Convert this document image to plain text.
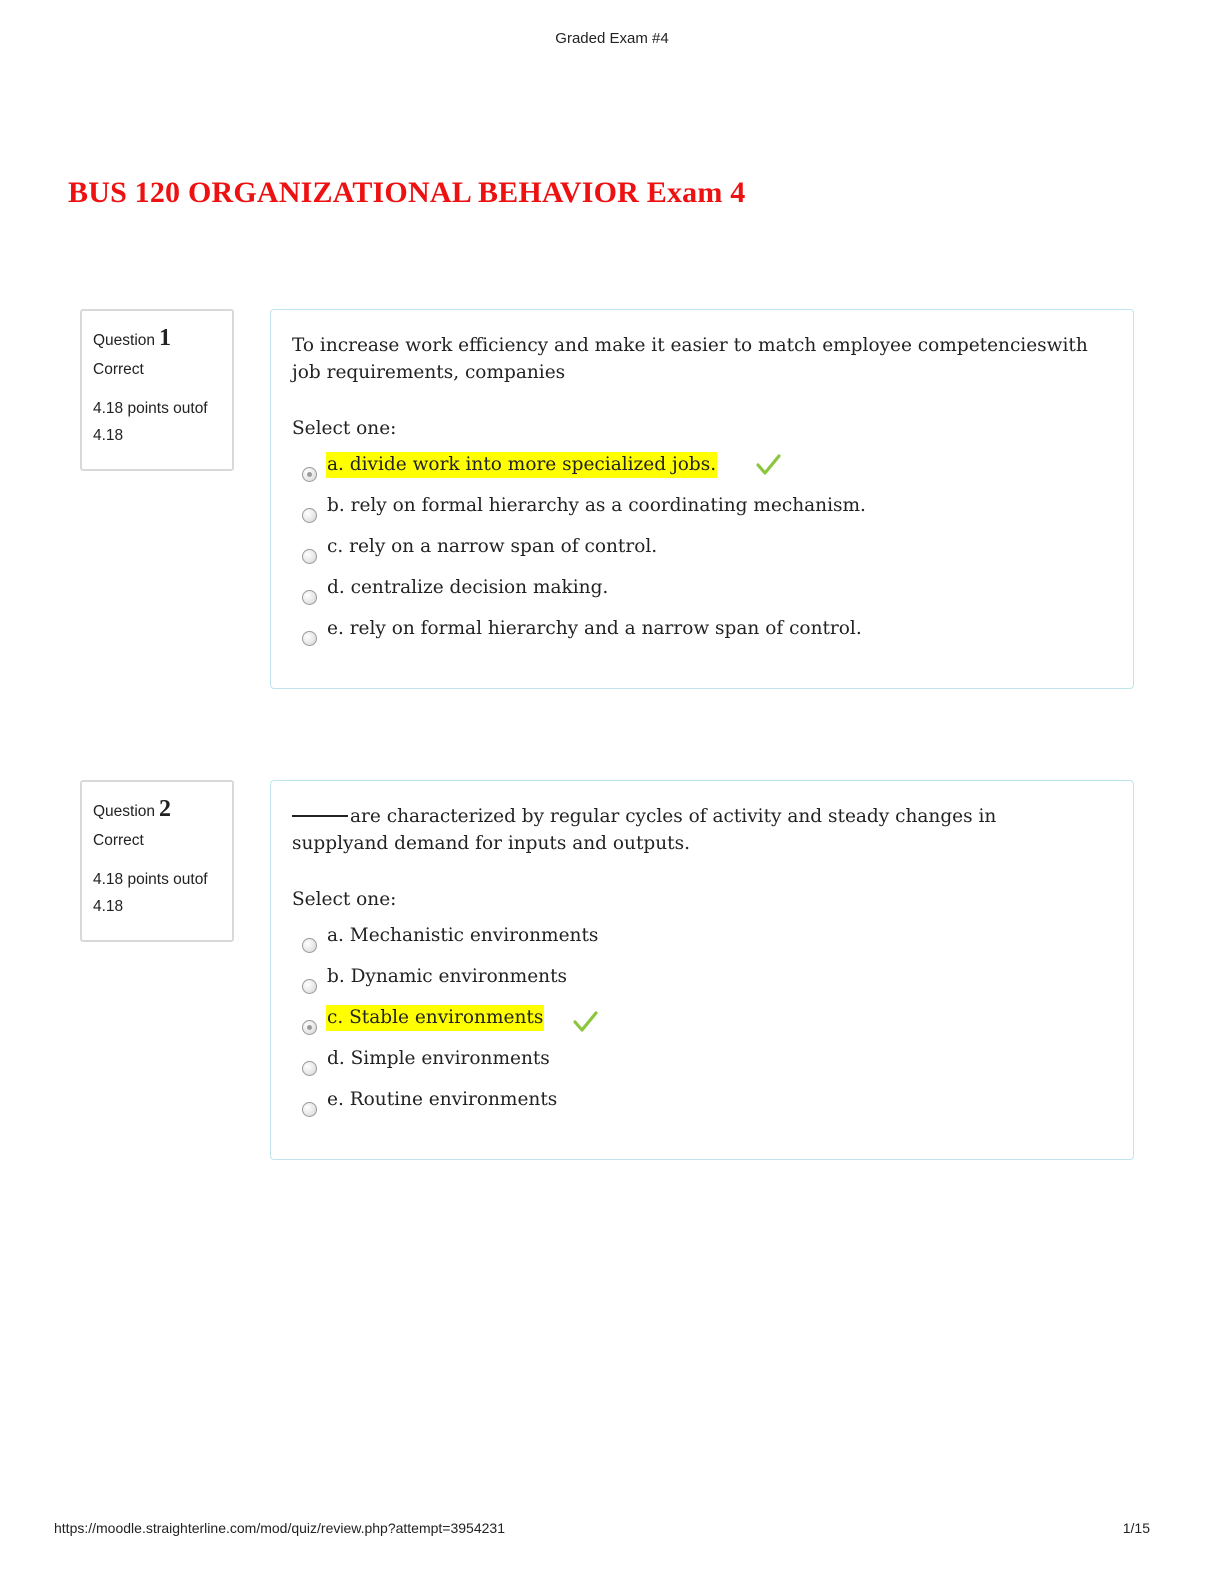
Graded Exam #4
BUS 120 ORGANIZATIONAL BEHAVIOR Exam 4
Question 1
Correct
4.18 points outof
4.18
To increase work efficiency and make it easier to match employee competencieswith job requirements, companies
Select one:
a. divide work into more specialized jobs.
b. rely on formal hierarchy as a coordinating mechanism.
c. rely on a narrow span of control.
d. centralize decision making.
e. rely on formal hierarchy and a narrow span of control.
Question 2
Correct
4.18 points outof
4.18
are characterized by regular cycles of activity and steady changes in supplyand demand for inputs and outputs.
Select one:
a. Mechanistic environments
b. Dynamic environments
c. Stable environments
d. Simple environments
e. Routine environments
https://moodle.straighterline.com/mod/quiz/review.php?attempt=3954231	1/15
